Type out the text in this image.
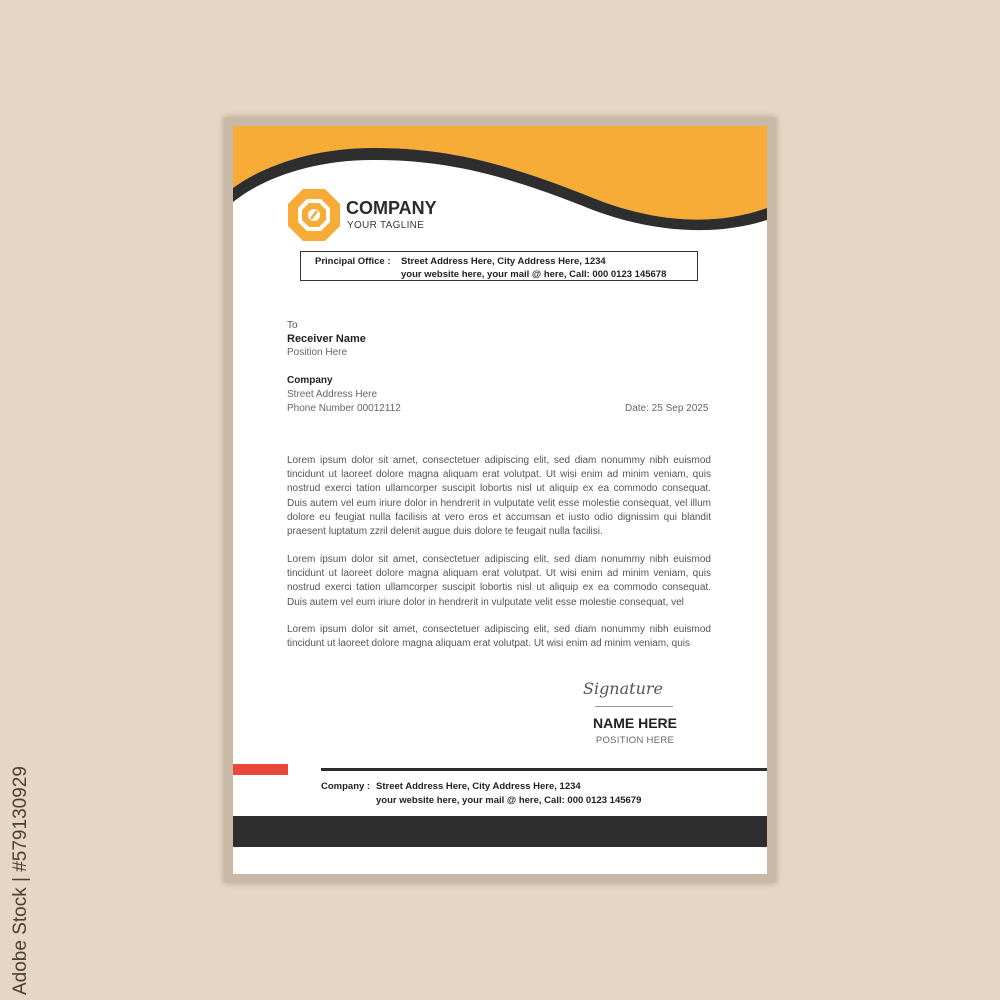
Adobe Stock | #579130929
COMPANY
YOUR TAGLINE
Principal Office : Street Address Here, City Address Here, 1234
your website here, your mail @ here, Call: 000 0123 145678
To
Receiver Name
Position Here
Company
Street Address Here
Phone Number 00012112	Date: 25 Sep 2025

Lorem ipsum dolor sit amet, consectetuer adipiscing elit, sed diam nonummy nibh euismod tincidunt ut laoreet dolore magna aliquam erat volutpat. Ut wisi enim ad minim veniam, quis nostrud exerci tation ullamcorper suscipit lobortis nisl ut aliquip ex ea commodo consequat. Duis autem vel eum iriure dolor in hendrerit in vulputate velit esse molestie consequat, vel illum dolore eu feugiat nulla facilisis at vero eros et accumsan et iusto odio dignissim qui blandit praesent luptatum zzril delenit augue duis dolore te feugait nulla facilisi.

Lorem ipsum dolor sit amet, consectetuer adipiscing elit, sed diam nonummy nibh euismod tincidunt ut laoreet dolore magna aliquam erat volutpat. Ut wisi enim ad minim veniam, quis nostrud exerci tation ullamcorper suscipit lobortis nisl ut aliquip ex ea commodo consequat. Duis autem vel eum iriure dolor in hendrerit in vulputate velit esse molestie consequat, vel

Lorem ipsum dolor sit amet, consectetuer adipiscing elit, sed diam nonummy nibh euismod tincidunt ut laoreet dolore magna aliquam erat volutpat. Ut wisi enim ad minim veniam, quis

Signature
NAME HERE
POSITION HERE
Company : Street Address Here, City Address Here, 1234
your website here, your mail @ here, Call: 000 0123 145679
